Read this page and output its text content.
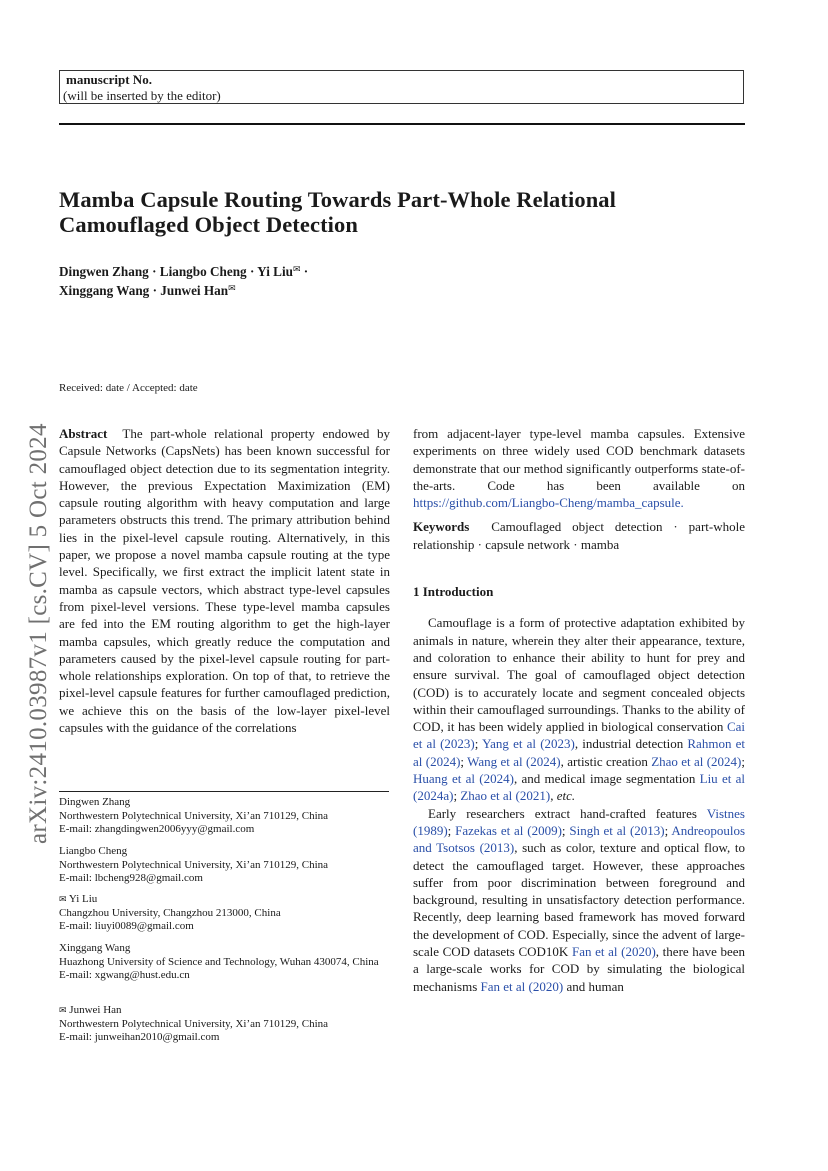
manuscript No.
(will be inserted by the editor)
Mamba Capsule Routing Towards Part-Whole Relational
Camouflaged Object Detection
Dingwen Zhang · Liangbo Cheng · Yi Liu✉ ·
Xinggang Wang · Junwei Han✉
arXiv:2410.03987v1 [cs.CV] 5 Oct 2024
Received: date / Accepted: date

Abstract The part-whole relational property endowed by Capsule Networks (CapsNets) has been known successful for camouflaged object detection due to its segmentation integrity. However, the previous Expectation Maximization (EM) capsule routing algorithm with heavy computation and large parameters obstructs this trend. The primary attribution behind lies in the pixel-level capsule routing. Alternatively, in this paper, we propose a novel mamba capsule routing at the type level. Specifically, we first extract the implicit latent state in mamba as capsule vectors, which abstract type-level capsules from pixel-level versions. These type-level mamba capsules are fed into the EM routing algorithm to get the high-layer mamba capsules, which greatly reduce the computation and parameters caused by the pixel-level capsule routing for part-whole relationships exploration. On top of that, to retrieve the pixel-level capsule features for further camouflaged prediction, we achieve this on the basis of the low-layer pixel-level capsules with the guidance of the correlations

from adjacent-layer type-level mamba capsules. Extensive experiments on three widely used COD benchmark datasets demonstrate that our method significantly outperforms state-of-the-arts. Code has been available on https://github.com/Liangbo-Cheng/mamba_capsule.

Keywords Camouflaged object detection · part-whole relationship · capsule network · mamba

1 Introduction

Camouflage is a form of protective adaptation exhibited by animals in nature, wherein they alter their appearance, texture, and coloration to enhance their ability to hunt for prey and ensure survival. The goal of camouflaged object detection (COD) is to accurately locate and segment concealed objects within their camouflaged surroundings. Thanks to the ability of COD, it has been widely applied in biological conservation Cai et al (2023); Yang et al (2023), industrial detection Rahmon et al (2024); Wang et al (2024), artistic creation Zhao et al (2024); Huang et al (2024), and medical image segmentation Liu et al (2024a); Zhao et al (2021), etc.

Early researchers extract hand-crafted features Vistnes (1989); Fazekas et al (2009); Singh et al (2013); Andreopoulos and Tsotsos (2013), such as color, texture and optical flow, to detect the camouflaged target. However, these approaches suffer from poor discrimination between foreground and background, resulting in unsatisfactory detection performance. Recently, deep learning based framework has moved forward the development of COD. Especially, since the advent of large-scale COD datasets COD10K Fan et al (2020), there have been a large-scale works for COD by simulating the biological mechanisms Fan et al (2020) and human

Dingwen Zhang
Northwestern Polytechnical University, Xi’an 710129, China
E-mail: zhangdingwen2006yyy@gmail.com
Liangbo Cheng
Northwestern Polytechnical University, Xi’an 710129, China
E-mail: lbcheng928@gmail.com
✉ Yi Liu
Changzhou University, Changzhou 213000, China
E-mail: liuyi0089@gmail.com
Xinggang Wang
Huazhong University of Science and Technology, Wuhan 430074, China
E-mail: xgwang@hust.edu.cn
✉ Junwei Han
Northwestern Polytechnical University, Xi’an 710129, China
E-mail: junweihan2010@gmail.com
